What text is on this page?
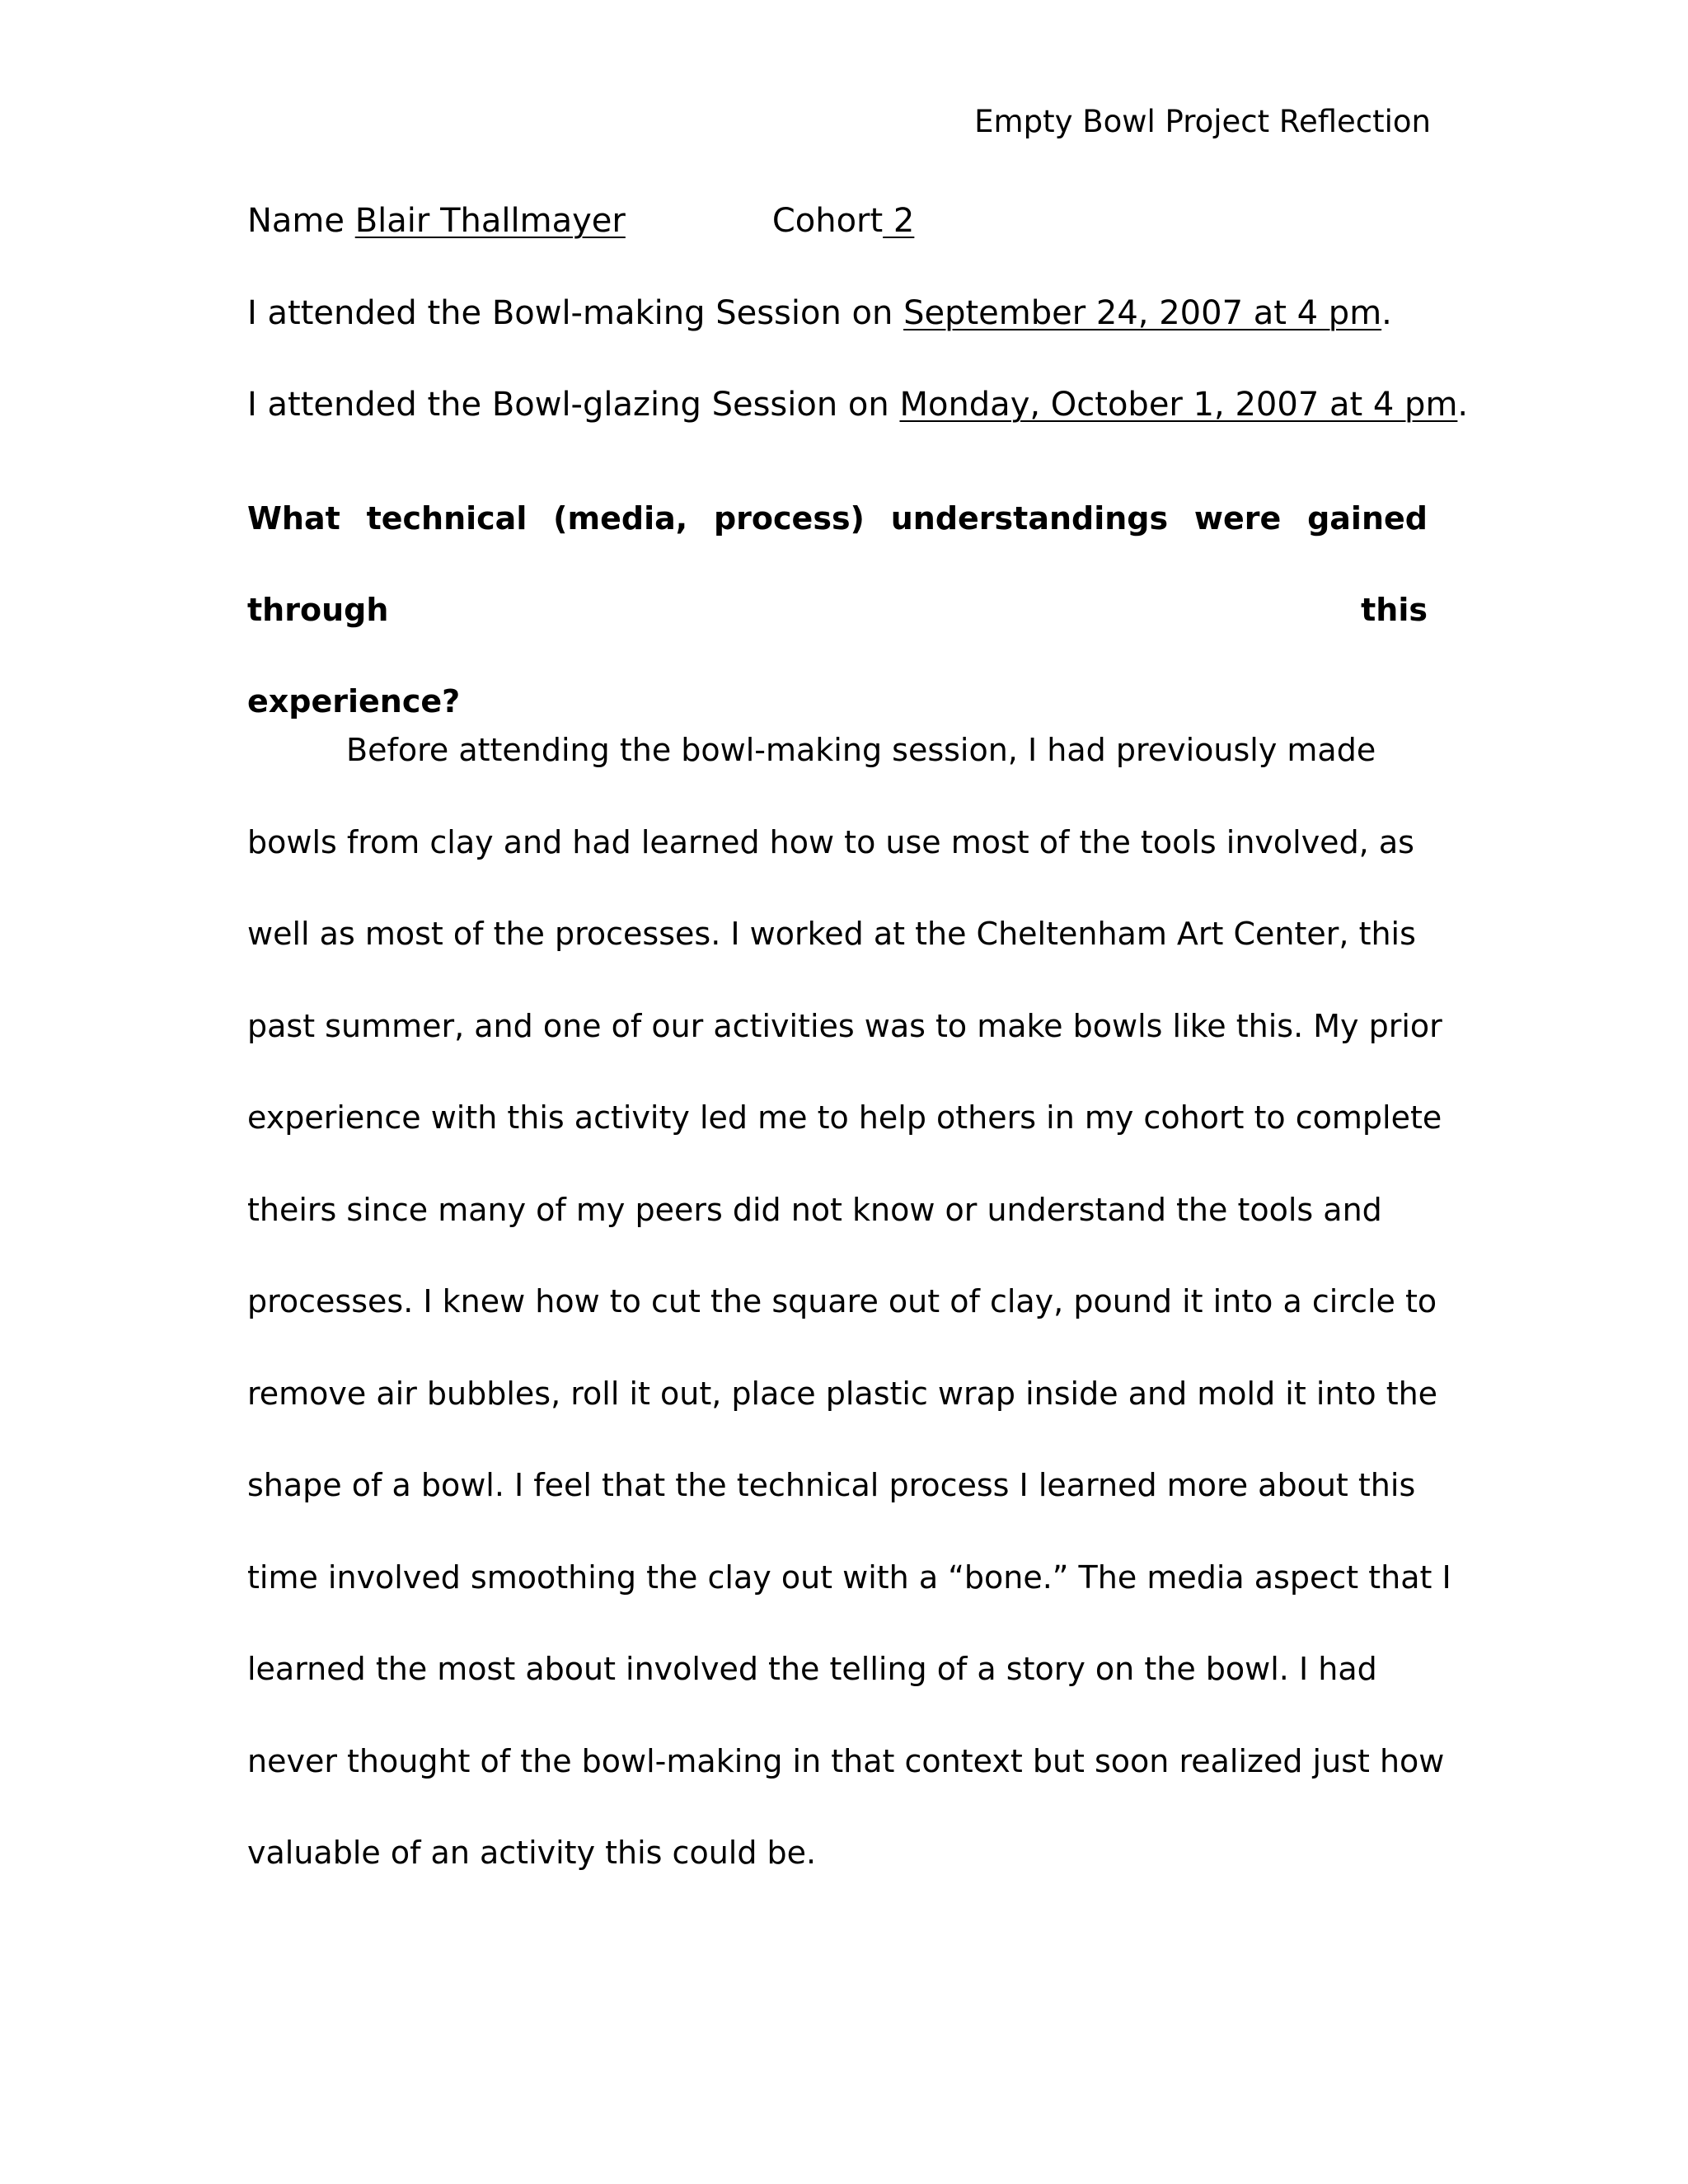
Empty Bowl Project Reflection
Name Blair Thallmayer	Cohort 2
I attended the Bowl-making Session on September 24, 2007 at 4 pm.
I attended the Bowl-glazing Session on Monday, October 1, 2007 at 4 pm.
What technical (media, process) understandings were gained through this
experience?
Before attending the bowl-making session, I had previously made
bowls from clay and had learned how to use most of the tools involved, as
well as most of the processes. I worked at the Cheltenham Art Center, this
past summer, and one of our activities was to make bowls like this. My prior
experience with this activity led me to help others in my cohort to complete
theirs since many of my peers did not know or understand the tools and
processes. I knew how to cut the square out of clay, pound it into a circle to
remove air bubbles, roll it out, place plastic wrap inside and mold it into the
shape of a bowl. I feel that the technical process I learned more about this
time involved smoothing the clay out with a “bone.” The media aspect that I
learned the most about involved the telling of a story on the bowl. I had
never thought of the bowl-making in that context but soon realized just how
valuable of an activity this could be.
